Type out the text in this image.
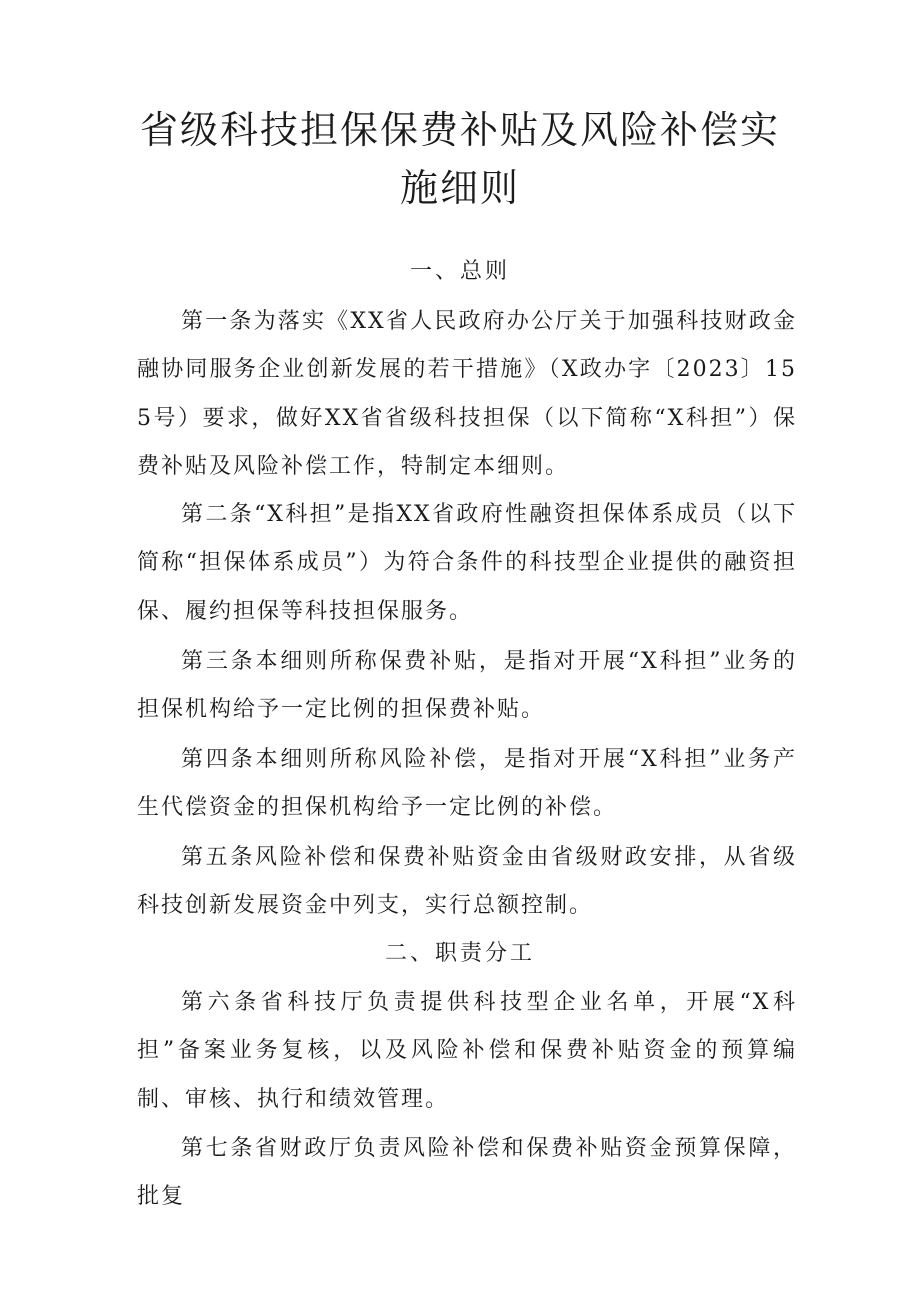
省级科技担保保费补贴及风险补偿实施细则
一、总则

第一条为落实《XX省人民政府办公厅关于加强科技财政金融协同服务企业创新发展的若干措施》（X政办字〔2023〕155号）要求，做好XX省省级科技担保（以下简称“X科担”）保费补贴及风险补偿工作，特制定本细则。

第二条“X科担”是指XX省政府性融资担保体系成员（以下简称“担保体系成员”）为符合条件的科技型企业提供的融资担保、履约担保等科技担保服务。

第三条本细则所称保费补贴，是指对开展“X科担”业务的担保机构给予一定比例的担保费补贴。

第四条本细则所称风险补偿，是指对开展“X科担”业务产生代偿资金的担保机构给予一定比例的补偿。

第五条风险补偿和保费补贴资金由省级财政安排，从省级科技创新发展资金中列支，实行总额控制。

二、职责分工

第六条省科技厅负责提供科技型企业名单，开展“X科担”备案业务复核，以及风险补偿和保费补贴资金的预算编制、审核、执行和绩效管理。

第七条省财政厅负责风险补偿和保费补贴资金预算保障，批复
